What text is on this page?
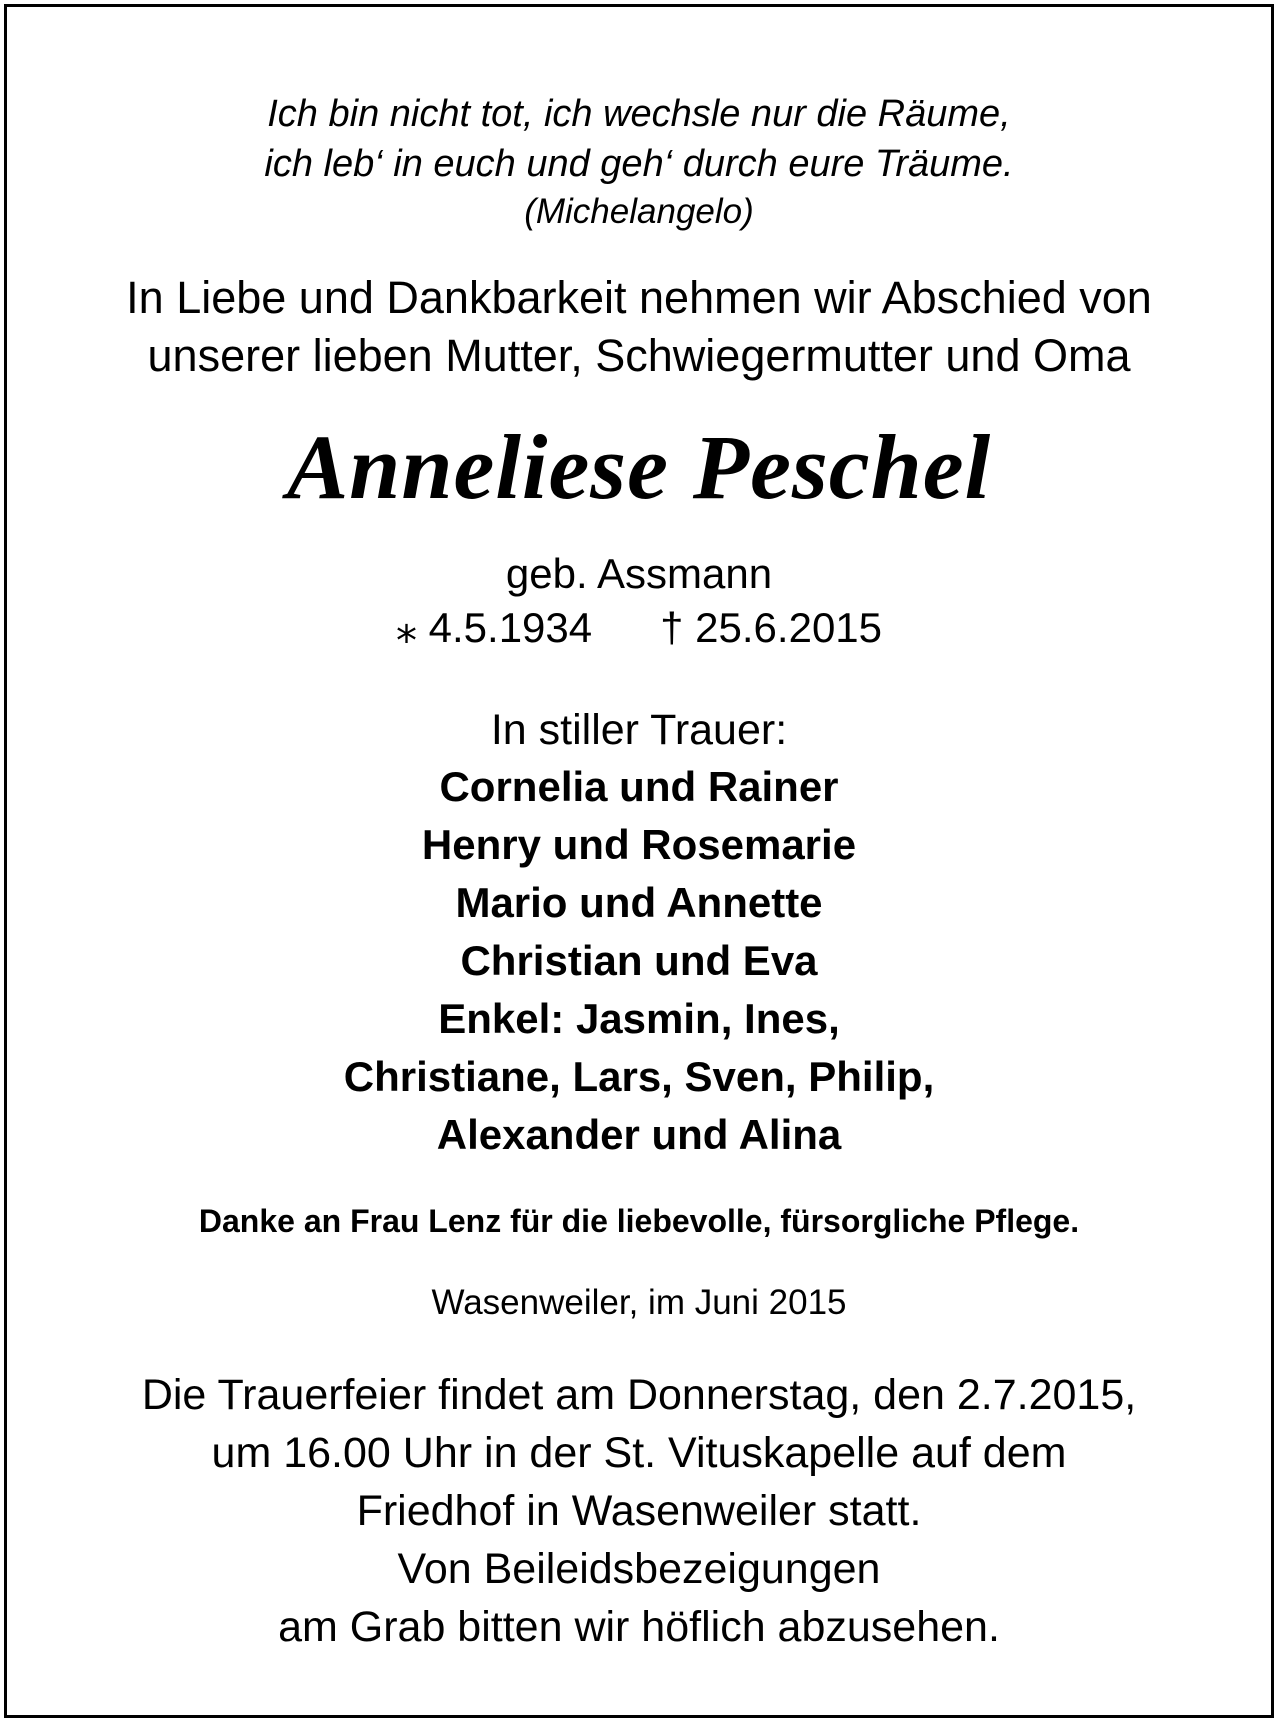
Ich bin nicht tot, ich wechsle nur die Räume,
ich leb‘ in euch und geh‘ durch eure Träume.
(Michelangelo)

In Liebe und Dankbarkeit nehmen wir Abschied von
unserer lieben Mutter, Schwiegermutter und Oma

Anneliese Peschel

geb. Assmann
⁎ 4.5.1934 † 25.6.2015

In stiller Trauer:

Cornelia und Rainer
Henry und Rosemarie
Mario und Annette
Christian und Eva
Enkel: Jasmin, Ines,
Christiane, Lars, Sven, Philip,
Alexander und Alina

Danke an Frau Lenz für die liebevolle, fürsorgliche Pflege.

Wasenweiler, im Juni 2015

Die Trauerfeier findet am Donnerstag, den 2.7.2015,
um 16.00 Uhr in der St. Vituskapelle auf dem
Friedhof in Wasenweiler statt.
Von Beileidsbezeigungen
am Grab bitten wir höflich abzusehen.
